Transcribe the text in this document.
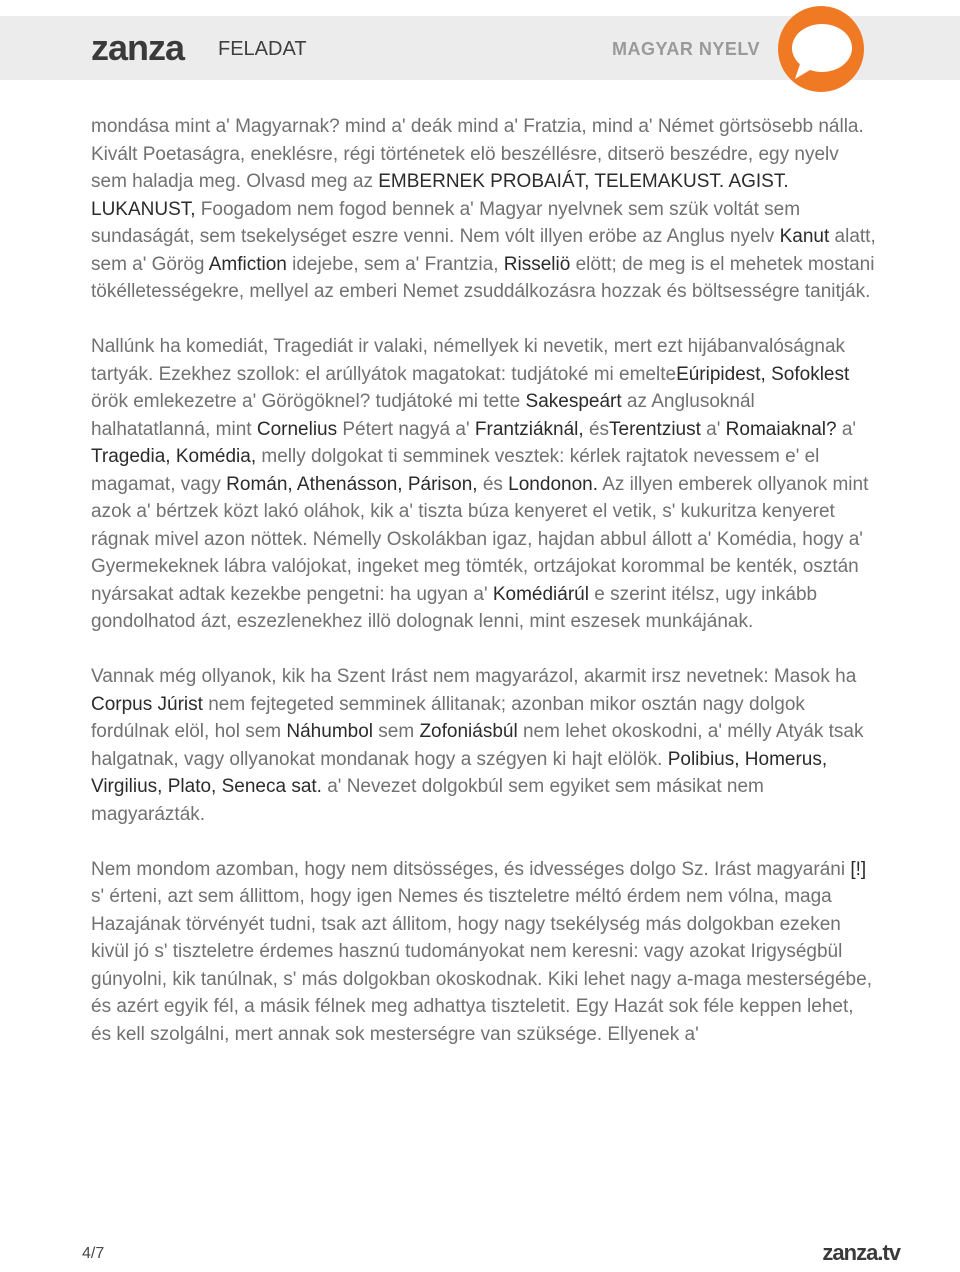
zanza FELADAT	MAGYAR NYELV

mondása mint a' Magyarnak? mind a' deák mind a' Fratzia, mind a' Német görtsösebb nálla. Kivált Poetaságra, eneklésre, régi történetek elö beszéllésre, ditserö beszédre, egy nyelv sem haladja meg. Olvasd meg az EMBERNEK PROBAIÁT, TELEMAKUST. AGIST. LUKANUST, Foogadom nem fogod bennek a' Magyar nyelvnek sem szük voltát sem sundaságát, sem tsekelységet eszre venni. Nem vólt illyen eröbe az Anglus nyelv Kanut alatt, sem a' Görög Amfiction idejebe, sem a' Frantzia, Risseliö elött; de meg is el mehetek mostani tökélletességekre, mellyel az emberi Nemet zsuddálkozásra hozzak és böltsességre tanitják.

Nallúnk ha komediát, Tragediát ir valaki, némellyek ki nevetik, mert ezt hijábanvalóságnak tartyák. Ezekhez szollok: el arúllyátok magatokat: tudjátoké mi emelteEúripidest, Sofoklest örök emlekezetre a' Görögöknel? tudjátoké mi tette Sakespeárt az Anglusoknál halhatatlanná, mint Cornelius Pétert nagyá a' Frantziáknál, ésTerentziust a' Romaiaknal? a' Tragedia, Komédia, melly dolgokat ti semminek vesztek: kérlek rajtatok nevessem e' el magamat, vagy Román, Athenásson, Párison, és Londonon. Az illyen emberek ollyanok mint azok a' bértzek közt lakó oláhok, kik a' tiszta búza kenyeret el vetik, s' kukuritza kenyeret rágnak mivel azon nöttek. Némelly Oskolákban igaz, hajdan abbul állott a' Komédia, hogy a' Gyermekeknek lábra valójokat, ingeket meg tömték, ortzájokat korommal be kenték, osztán nyársakat adtak kezekbe pengetni: ha ugyan a' Komédiárúl e szerint itélsz, ugy inkább gondolhatod ázt, eszezlenekhez illö dolognak lenni, mint eszesek munkájának.

Vannak még ollyanok, kik ha Szent Irást nem magyarázol, akarmit irsz nevetnek: Masok ha Corpus Júrist nem fejtegeted semminek állitanak; azonban mikor osztán nagy dolgok fordúlnak elöl, hol sem Náhumbol sem Zofoniásbúl nem lehet okoskodni, a' mélly Atyák tsak halgatnak, vagy ollyanokat mondanak hogy a szégyen ki hajt elölök. Polibius, Homerus, Virgilius, Plato, Seneca sat. a' Nevezet dolgokbúl sem egyiket sem másikat nem magyarázták.

Nem mondom azomban, hogy nem ditsösséges, és idvességes dolgo Sz. Irást magyaráni [!] s' érteni, azt sem állittom, hogy igen Nemes és tiszteletre méltó érdem nem vólna, maga Hazajának törvényét tudni, tsak azt állitom, hogy nagy tsekélység más dolgokban ezeken kivül jó s' tiszteletre érdemes hasznú tudományokat nem keresni: vagy azokat Irigységbül gúnyolni, kik tanúlnak, s' más dolgokban okoskodnak. Kiki lehet nagy a-maga mesterségébe, és azért egyik fél, a másik félnek meg adhattya tiszteletit. Egy Hazát sok féle keppen lehet, és kell szolgálni, mert annak sok mesterségre van szüksége. Ellyenek a'

4/7	zanza.tv
